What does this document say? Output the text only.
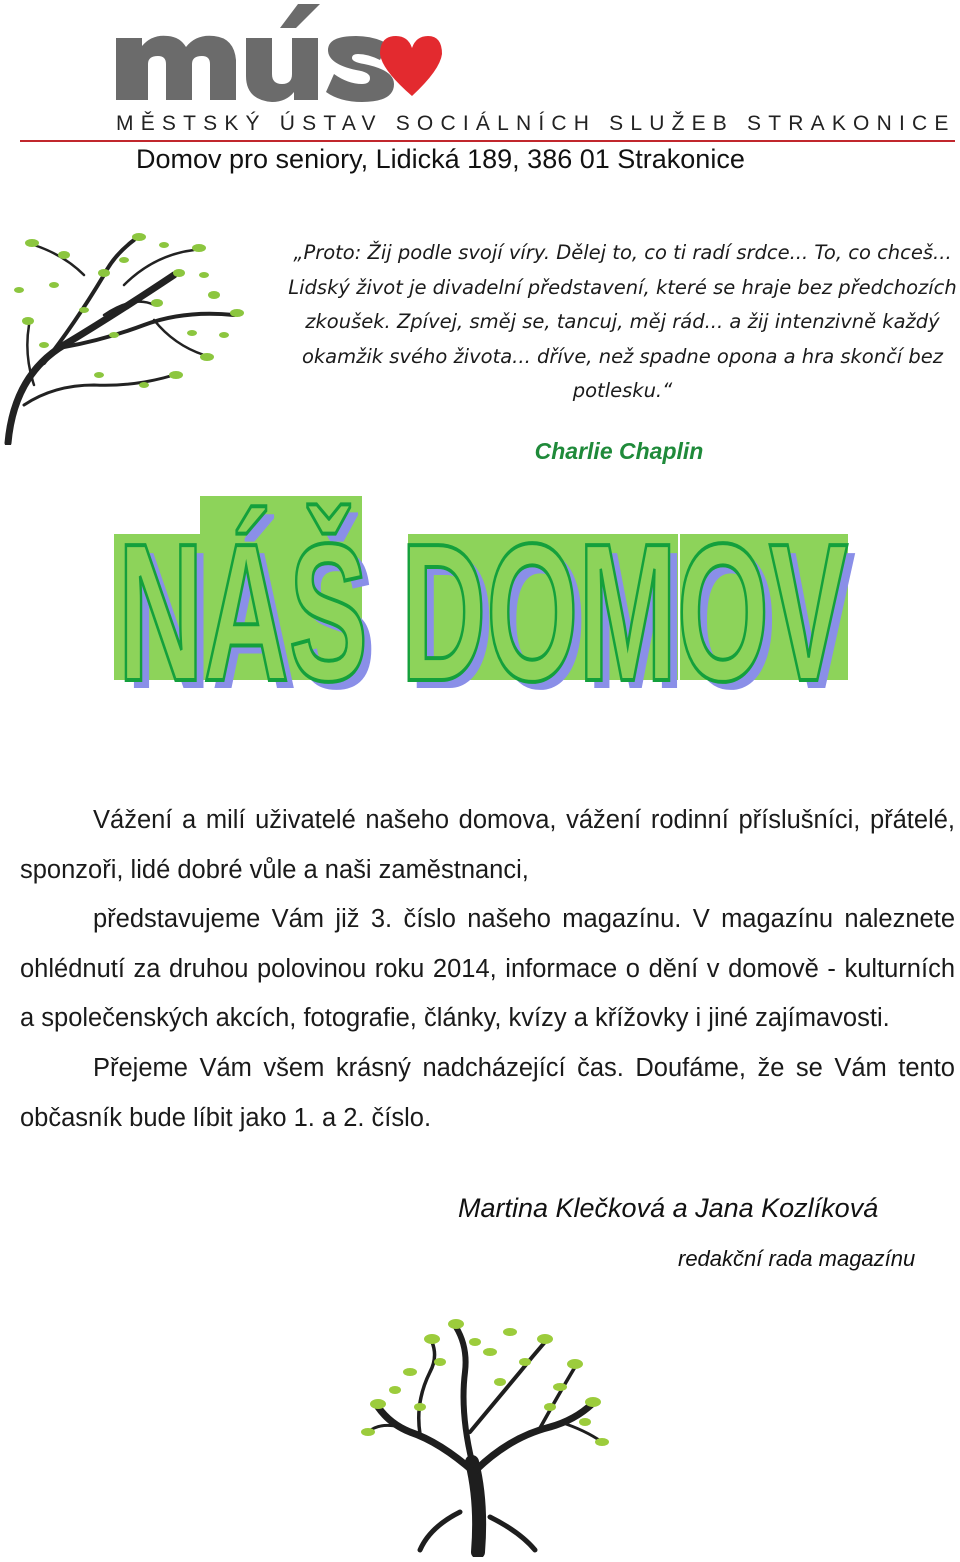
MĚSTSKÝ ÚSTAV SOCIÁLNÍCH SLUŽEB STRAKONICE
Domov pro seniory, Lidická 189, 386 01 Strakonice
„Proto: Žij podle svojí víry. Dělej to, co ti radí srdce... To, co chceš...
Lidský život je divadelní představení, které se hraje bez předchozích
zkoušek. Zpívej, směj se, tancuj, měj rád... a žij intenzivně každý
okamžik svého života... dříve, než spadne opona a hra skončí bez
potlesku.“
Charlie Chaplin
NÁŠ DOMOV
NÁŠ DOMOV

Vážení a milí uživatelé našeho domova, vážení rodinní příslušníci, přátelé, sponzoři, lidé dobré vůle a naši zaměstnanci,

představujeme Vám již 3. číslo našeho magazínu. V magazínu naleznete ohlédnutí za druhou polovinou roku 2014, informace o dění v domově - kulturních a společenských akcích, fotografie, články, kvízy a křížovky i jiné zajímavosti.

Přejeme Vám všem krásný nadcházející čas. Doufáme, že se Vám tento občasník bude líbit jako 1. a 2. číslo.

Martina Klečková a Jana Kozlíková
redakční rada magazínu
